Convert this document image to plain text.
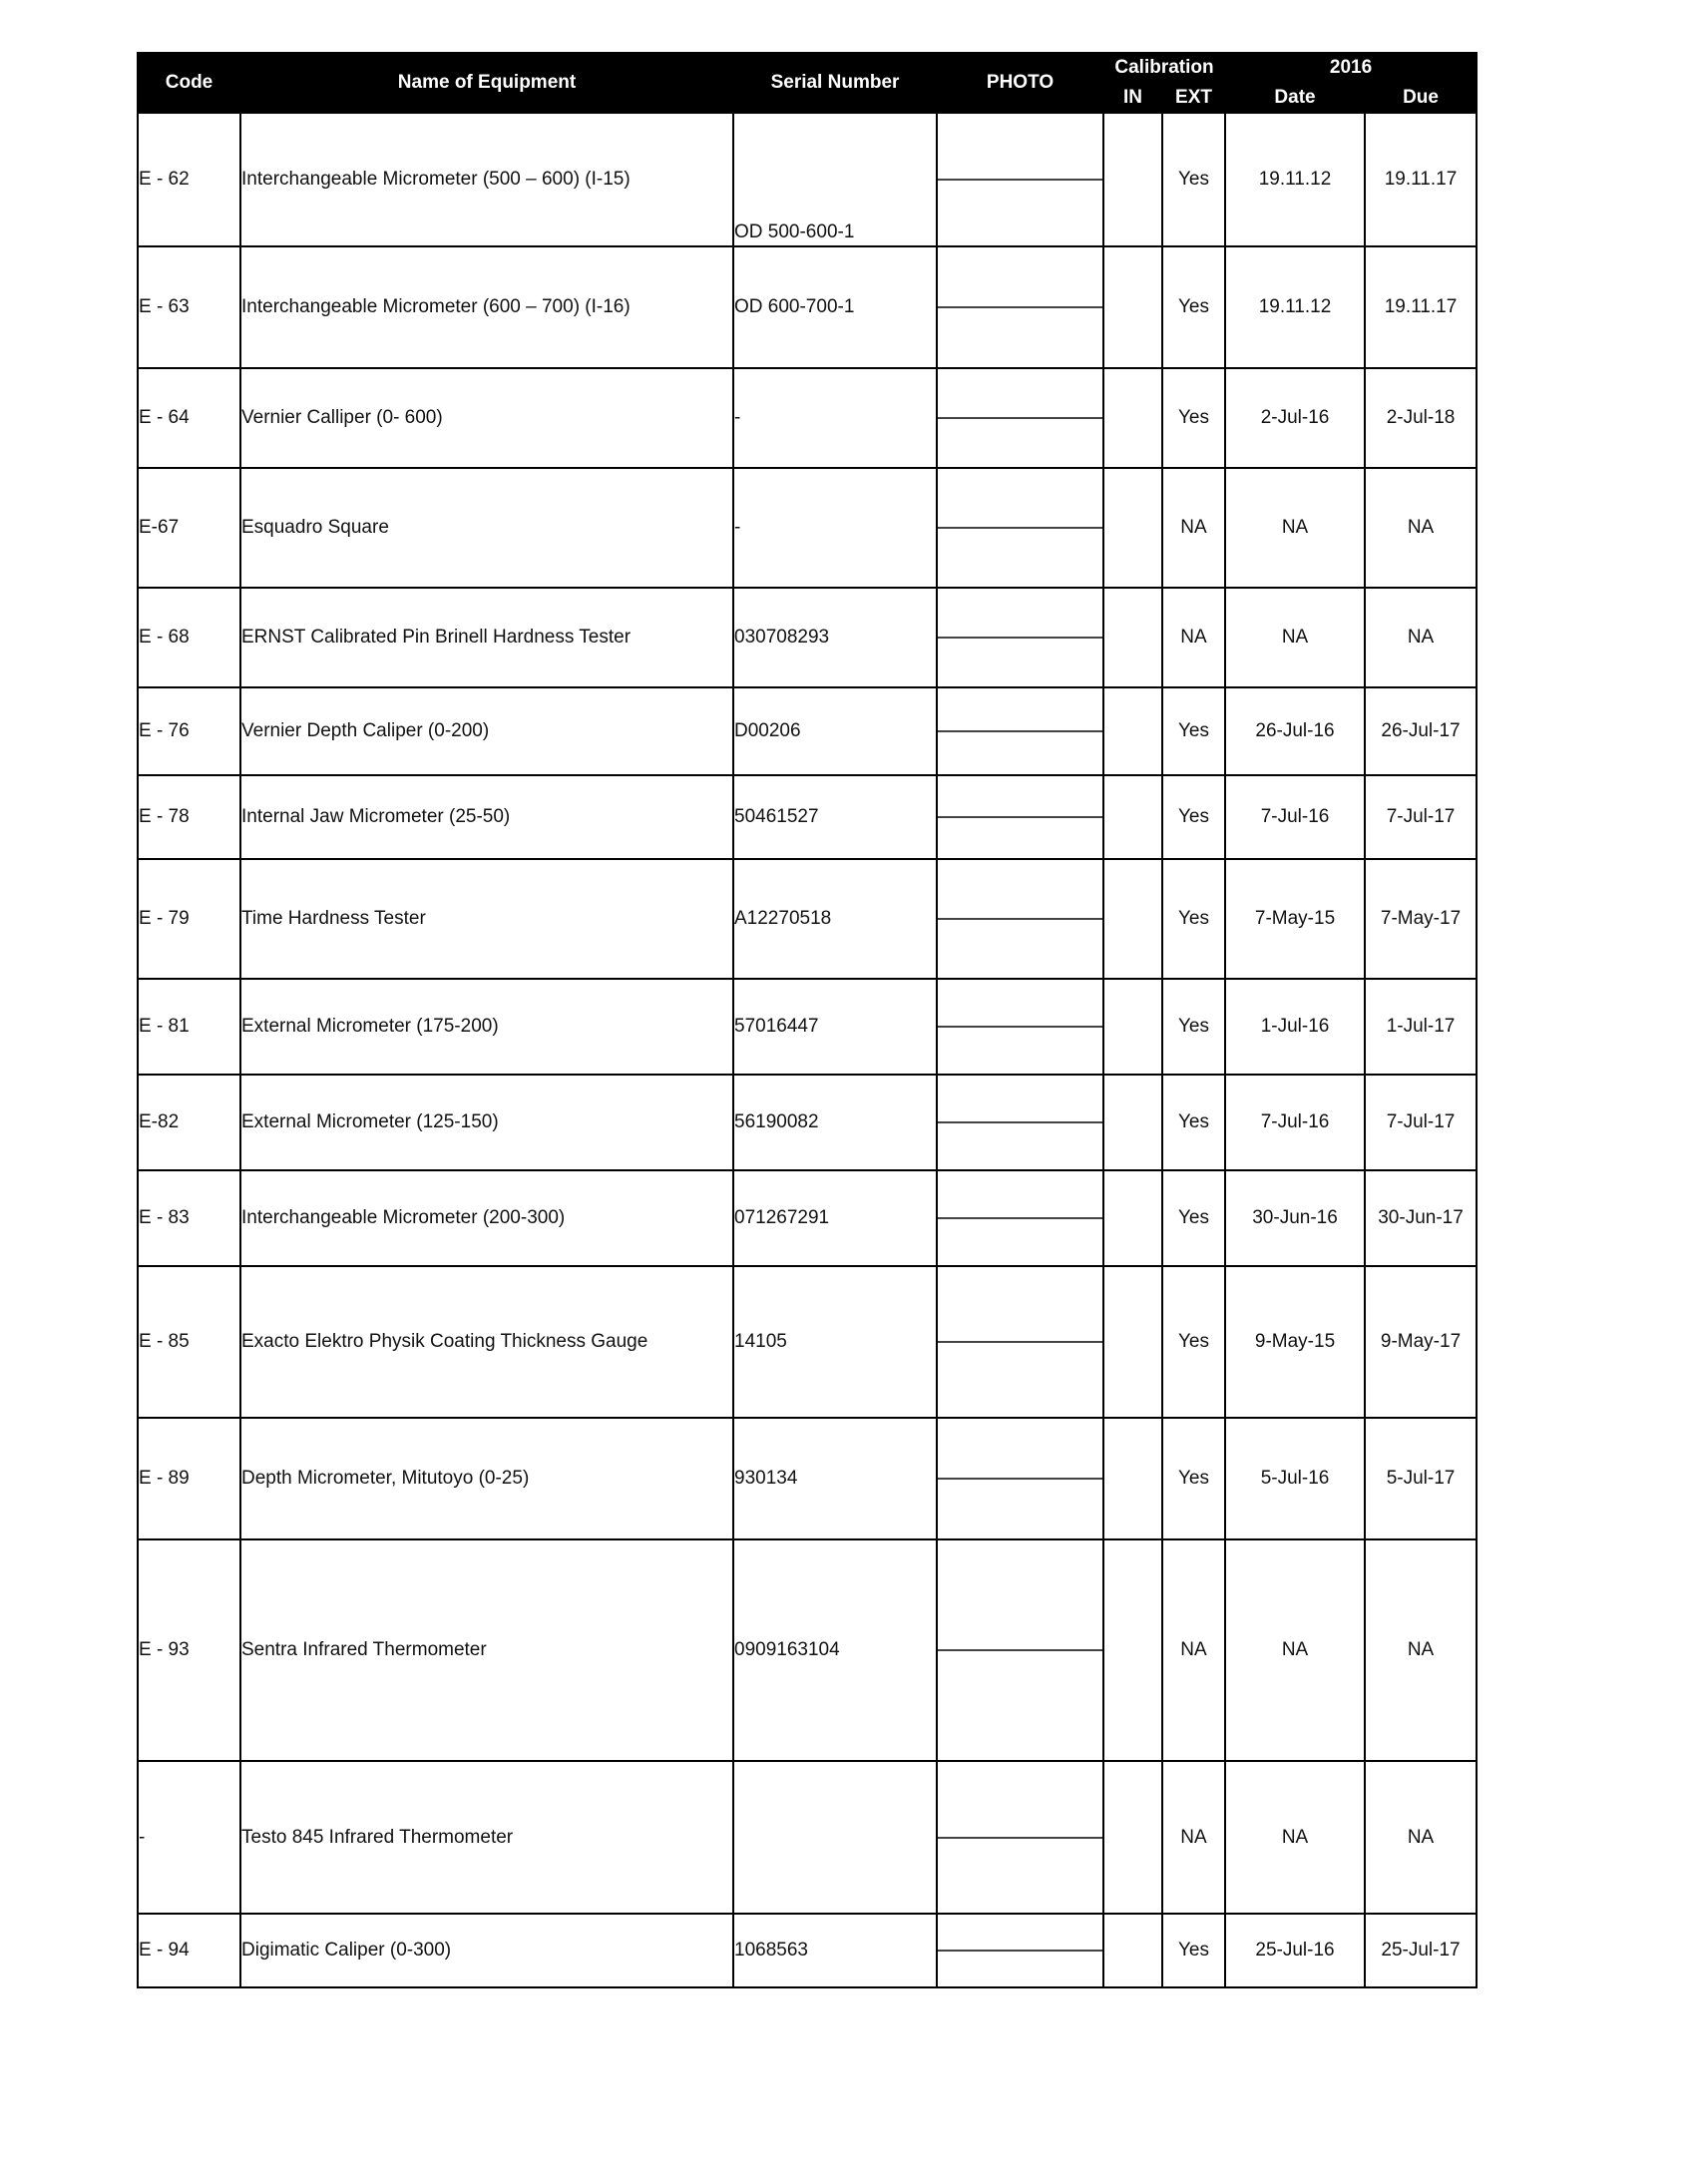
Code	Name of Equipment	Serial Number	PHOTO	Calibration		2016	
				IN	EXT	Date	Due
E - 62	Interchangeable Micrometer (500 – 600) (I-15)	OD 500-600-1			Yes	19.11.12	19.11.17
E - 63	Interchangeable Micrometer (600 – 700) (I-16)	OD 600-700-1			Yes	19.11.12	19.11.17
E - 64	Vernier Calliper (0- 600)	-			Yes	2-Jul-16	2-Jul-18
E-67	Esquadro Square	-			NA	NA	NA
E - 68	ERNST Calibrated Pin Brinell Hardness Tester	030708293			NA	NA	NA
E - 76	Vernier Depth Caliper (0-200)	D00206			Yes	26-Jul-16	26-Jul-17
E - 78	Internal Jaw Micrometer (25-50)	50461527			Yes	7-Jul-16	7-Jul-17
E - 79	Time Hardness Tester	A12270518			Yes	7-May-15	7-May-17
E - 81	External Micrometer (175-200)	57016447			Yes	1-Jul-16	1-Jul-17
E-82	External Micrometer (125-150)	56190082			Yes	7-Jul-16	7-Jul-17
E - 83	Interchangeable Micrometer (200-300)	071267291			Yes	30-Jun-16	30-Jun-17
E - 85	Exacto Elektro Physik Coating Thickness Gauge	14105			Yes	9-May-15	9-May-17
E - 89	Depth Micrometer, Mitutoyo (0-25)	930134			Yes	5-Jul-16	5-Jul-17
E - 93	Sentra Infrared Thermometer	0909163104			NA	NA	NA
-	Testo 845 Infrared Thermometer				NA	NA	NA
E - 94	Digimatic Caliper (0-300)	1068563			Yes	25-Jul-16	25-Jul-17
